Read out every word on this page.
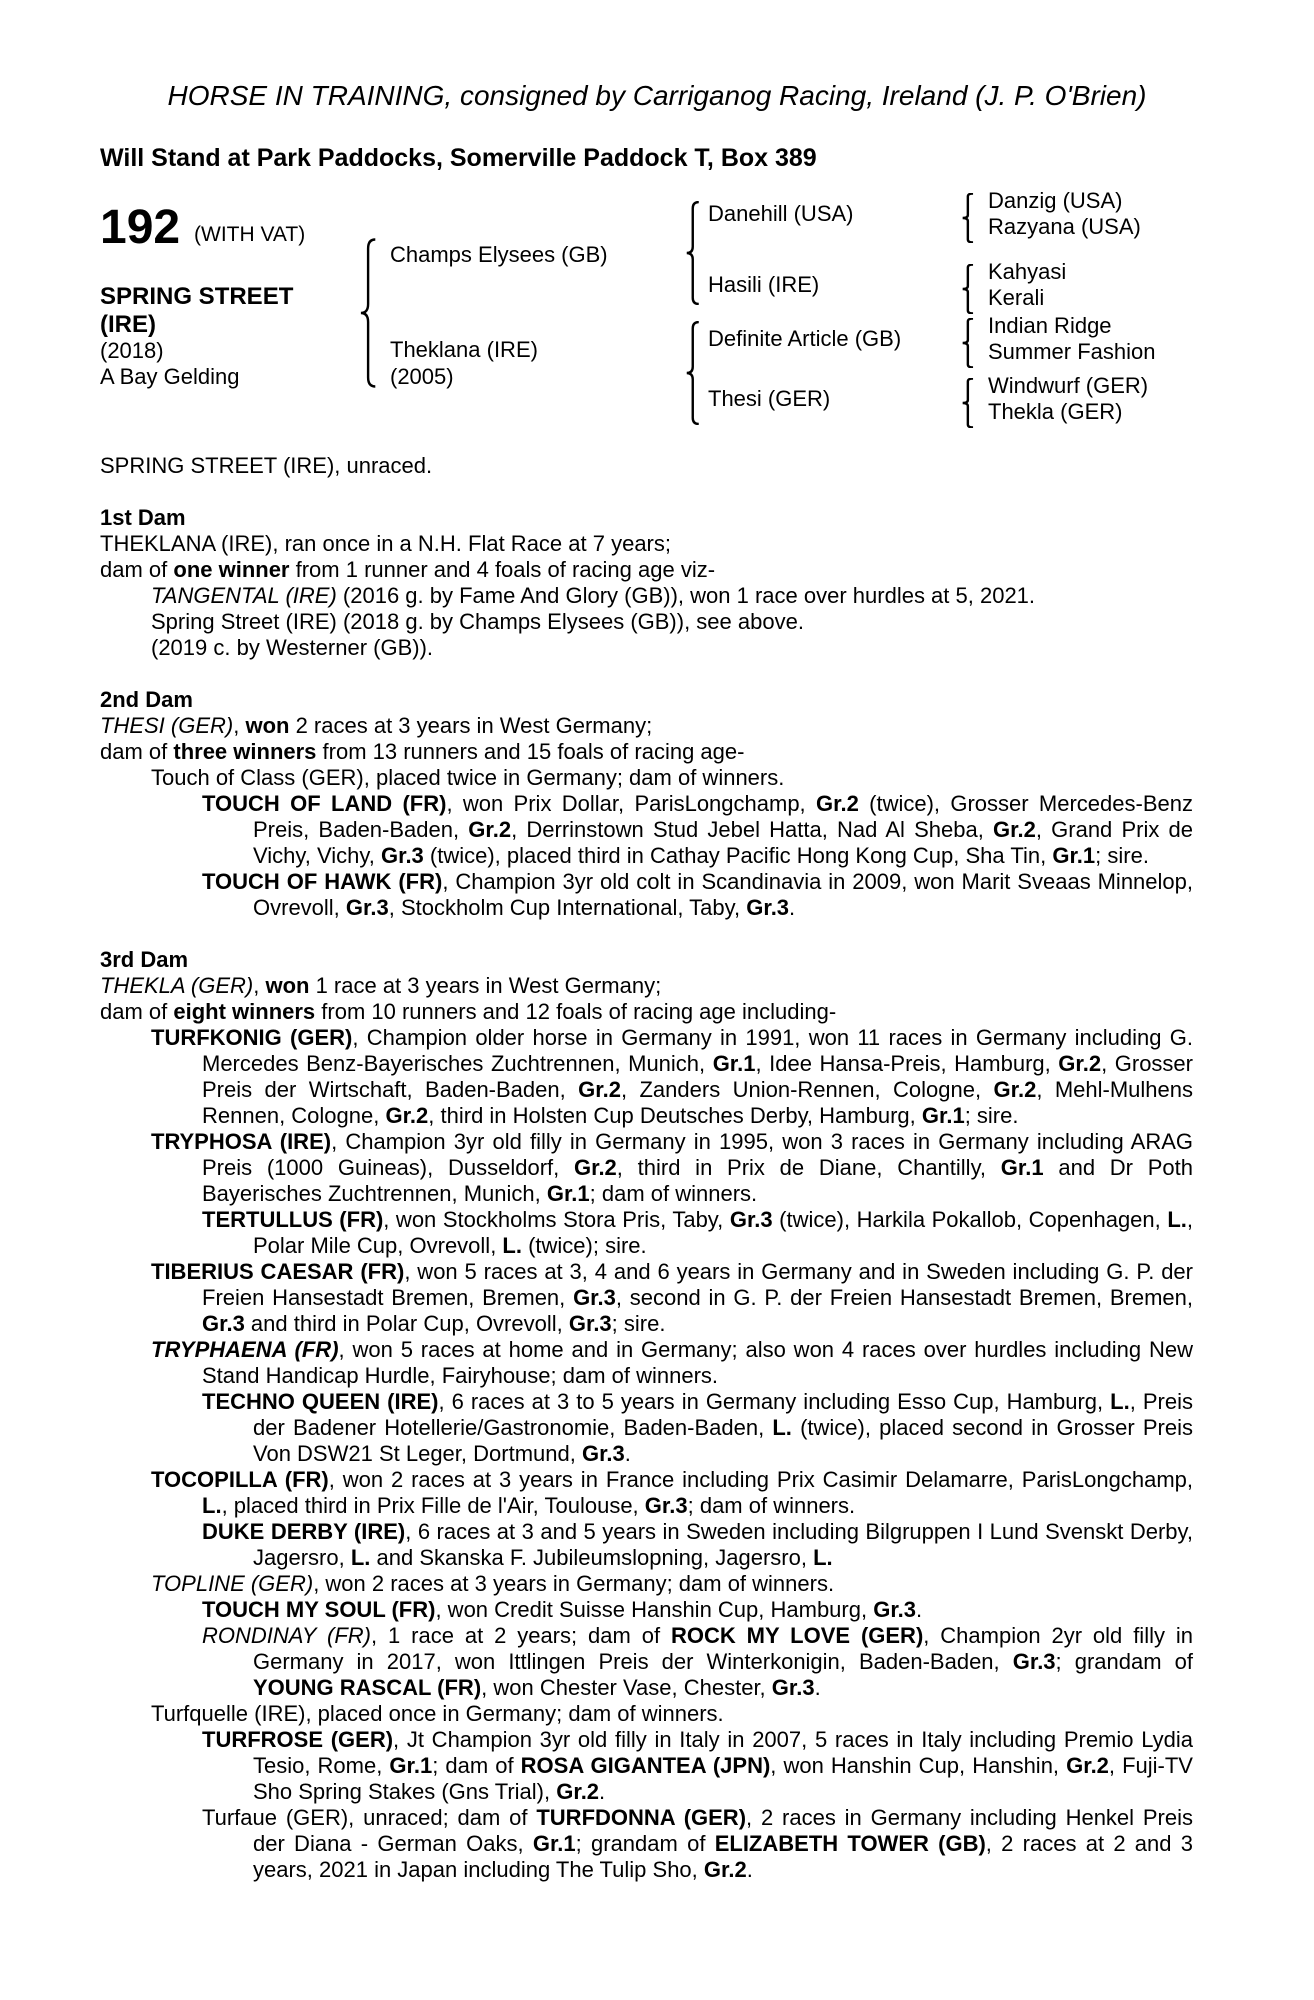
HORSE IN TRAINING, consigned by Carriganog Racing, Ireland (J. P. O'Brien)
Will Stand at Park Paddocks, Somerville Paddock T, Box 389
192 (WITH VAT)
SPRING STREET
(IRE)
(2018)
A Bay Gelding
Champs Elysees (GB)
Theklana (IRE)
(2005)
Danehill (USA)
Hasili (IRE)
Definite Article (GB)
Thesi (GER)
Danzig (USA)
Razyana (USA)
Kahyasi
Kerali
Indian Ridge
Summer Fashion
Windwurf (GER)
Thekla (GER)

SPRING STREET (IRE), unraced.

1st Dam

THEKLANA (IRE), ran once in a N.H. Flat Race at 7 years;

dam of one winner from 1 runner and 4 foals of racing age viz-

TANGENTAL (IRE) (2016 g. by Fame And Glory (GB)), won 1 race over hurdles at 5, 2021.

Spring Street (IRE) (2018 g. by Champs Elysees (GB)), see above.

(2019 c. by Westerner (GB)).

2nd Dam

THESI (GER), won 2 races at 3 years in West Germany;

dam of three winners from 13 runners and 15 foals of racing age-

Touch of Class (GER), placed twice in Germany; dam of winners.

TOUCH OF LAND (FR), won Prix Dollar, ParisLongchamp, Gr.2 (twice), Grosser Mercedes-Benz Preis, Baden-Baden, Gr.2, Derrinstown Stud Jebel Hatta, Nad Al Sheba, Gr.2, Grand Prix de Vichy, Vichy, Gr.3 (twice), placed third in Cathay Pacific Hong Kong Cup, Sha Tin, Gr.1; sire.

TOUCH OF HAWK (FR), Champion 3yr old colt in Scandinavia in 2009, won Marit Sveaas Minnelop, Ovrevoll, Gr.3, Stockholm Cup International, Taby, Gr.3.

3rd Dam

THEKLA (GER), won 1 race at 3 years in West Germany;

dam of eight winners from 10 runners and 12 foals of racing age including-

TURFKONIG (GER), Champion older horse in Germany in 1991, won 11 races in Germany including G. Mercedes Benz-Bayerisches Zuchtrennen, Munich, Gr.1, Idee Hansa-Preis, Hamburg, Gr.2, Grosser Preis der Wirtschaft, Baden-Baden, Gr.2, Zanders Union-Rennen, Cologne, Gr.2, Mehl-Mulhens Rennen, Cologne, Gr.2, third in Holsten Cup Deutsches Derby, Hamburg, Gr.1; sire.

TRYPHOSA (IRE), Champion 3yr old filly in Germany in 1995, won 3 races in Germany including ARAG Preis (1000 Guineas), Dusseldorf, Gr.2, third in Prix de Diane, Chantilly, Gr.1 and Dr Poth Bayerisches Zuchtrennen, Munich, Gr.1; dam of winners.

TERTULLUS (FR), won Stockholms Stora Pris, Taby, Gr.3 (twice), Harkila Pokallob, Copenhagen, L., Polar Mile Cup, Ovrevoll, L. (twice); sire.

TIBERIUS CAESAR (FR), won 5 races at 3, 4 and 6 years in Germany and in Sweden including G. P. der Freien Hansestadt Bremen, Bremen, Gr.3, second in G. P. der Freien Hansestadt Bremen, Bremen, Gr.3 and third in Polar Cup, Ovrevoll, Gr.3; sire.

TRYPHAENA (FR), won 5 races at home and in Germany; also won 4 races over hurdles including New Stand Handicap Hurdle, Fairyhouse; dam of winners.

TECHNO QUEEN (IRE), 6 races at 3 to 5 years in Germany including Esso Cup, Hamburg, L., Preis der Badener Hotellerie/Gastronomie, Baden-Baden, L. (twice), placed second in Grosser Preis Von DSW21 St Leger, Dortmund, Gr.3.

TOCOPILLA (FR), won 2 races at 3 years in France including Prix Casimir Delamarre, ParisLongchamp, L., placed third in Prix Fille de l'Air, Toulouse, Gr.3; dam of winners.

DUKE DERBY (IRE), 6 races at 3 and 5 years in Sweden including Bilgruppen I Lund Svenskt Derby, Jagersro, L. and Skanska F. Jubileumslopning, Jagersro, L.

TOPLINE (GER), won 2 races at 3 years in Germany; dam of winners.

TOUCH MY SOUL (FR), won Credit Suisse Hanshin Cup, Hamburg, Gr.3.

RONDINAY (FR), 1 race at 2 years; dam of ROCK MY LOVE (GER), Champion 2yr old filly in Germany in 2017, won Ittlingen Preis der Winterkonigin, Baden-Baden, Gr.3; grandam of YOUNG RASCAL (FR), won Chester Vase, Chester, Gr.3.

Turfquelle (IRE), placed once in Germany; dam of winners.

TURFROSE (GER), Jt Champion 3yr old filly in Italy in 2007, 5 races in Italy including Premio Lydia Tesio, Rome, Gr.1; dam of ROSA GIGANTEA (JPN), won Hanshin Cup, Hanshin, Gr.2, Fuji-TV Sho Spring Stakes (Gns Trial), Gr.2.

Turfaue (GER), unraced; dam of TURFDONNA (GER), 2 races in Germany including Henkel Preis der Diana - German Oaks, Gr.1; grandam of ELIZABETH TOWER (GB), 2 races at 2 and 3 years, 2021 in Japan including The Tulip Sho, Gr.2.
